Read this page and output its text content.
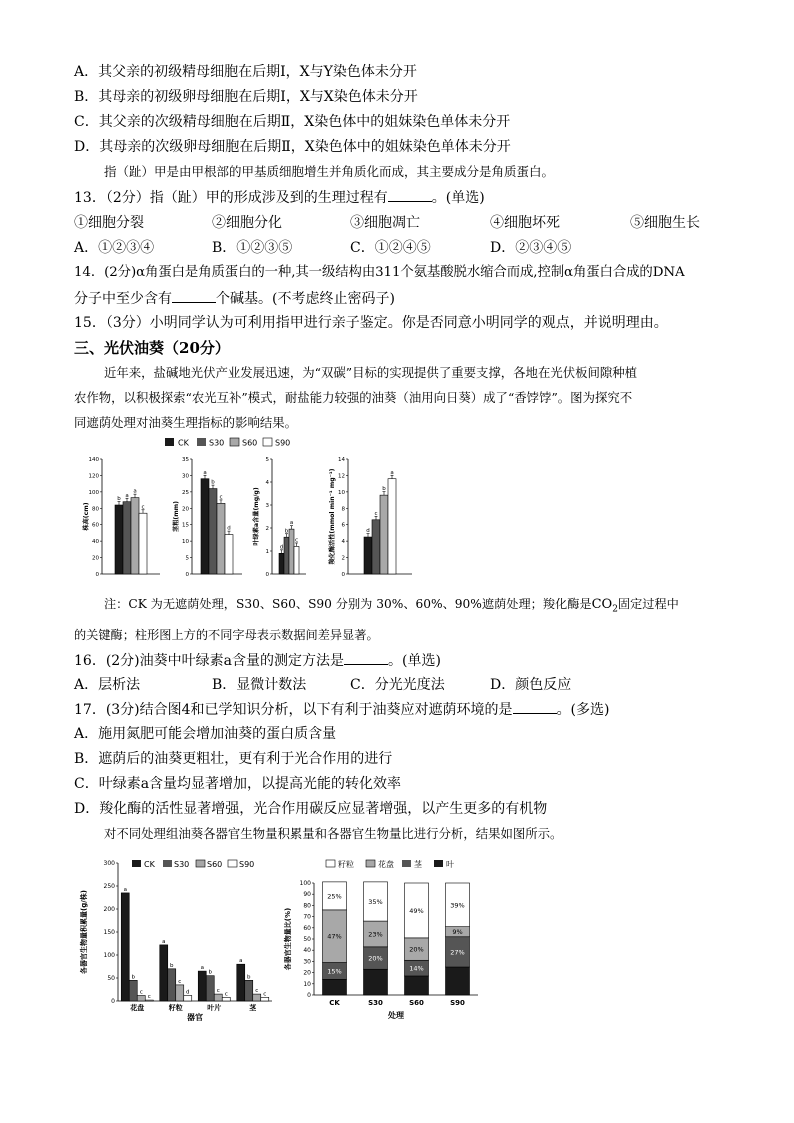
A．其父亲的初级精母细胞在后期Ⅰ，X与Y染色体未分开
B．其母亲的初级卵母细胞在后期Ⅰ，X与X染色体未分开
C．其父亲的次级精母细胞在后期Ⅱ，X染色体中的姐妹染色单体未分开
D．其母亲的次级卵母细胞在后期Ⅱ，X染色体中的姐妹染色单体未分开
指（趾）甲是由甲根部的甲基质细胞增生并角质化而成，其主要成分是角质蛋白。
13．（2分）指（趾）甲的形成涉及到的生理过程有	。(单选)
①细胞分裂	②细胞分化	③细胞凋亡	④细胞坏死	⑤细胞生长
A．①②③④	B．①②③⑤	C．①②④⑤	D．②③④⑤
14．(2分)α角蛋白是角质蛋白的一种,其一级结构由311个氨基酸脱水缩合而成,控制α角蛋白合成的DNA
分子中至少含有	个碱基。(不考虑终止密码子)
15．（3分）小明同学认为可利用指甲进行亲子鉴定。你是否同意小明同学的观点，并说明理由。
三、光伏油葵（20分）
近年来，盐碱地光伏产业发展迅速，为“双碳”目标的实现提供了重要支撑，各地在光伏板间隙种植
农作物，以积极探索“农光互补”模式，耐盐能力较强的油葵（油用向日葵）成了“香饽饽”。图为探究不
同遮荫处理对油葵生理指标的影响结果。
CK	S30 S60 S90
0
20
40
60
80
100
120
140
株高(cm)
b
a
a
c
0
5
10
15
20
25
30
35
茎粗(mm)
a
b
c
d
0
1
2
3
4
5
叶绿素a含量(mg/g)
d
b
a
c
0
2
4
6
8
10
12
14
羧化酶活性(mmol min⁻¹ mg⁻¹)	d
c
b
a
注：CK 为无遮荫处理，S30、S60、S90 分别为 30%、60%、90%遮荫处理；羧化酶是$CO_2$固定过程中
的关键酶；柱形图上方的不同字母表示数据间差异显著。
16．(2分)油葵中叶绿素a含量的测定方法是	。(单选)
A．层析法	B．显微计数法	C．分光光度法	D．颜色反应
17．(3分)结合图4和已学知识分析，以下有利于油葵应对遮荫环境的是	。(多选)
A．施用氮肥可能会增加油葵的蛋白质含量
B．遮荫后的油葵更粗壮，更有利于光合作用的进行
C．叶绿素a含量均显著增加，以提高光能的转化效率
D．羧化酶的活性显著增强，光合作用碳反应显著增强，以产生更多的有机物
对不同处理组油葵各器官生物量积累量和各器官生物量比进行分析，结果如图所示。
CK S30 S60 S90
0
50
100
150
200
250
300
各器官生物量积累量(g/株)
a
b
c
c
花盘
a
b
c
d
籽粒
a
b
c
c
叶片
a
b
c
c
茎
器官
籽粒	花盘	茎	叶
0
10
20
30
40
50
60
70
80
90
100
各器官生物量比(%)
15%
47%
25%
CK
20%
23%
35%
S30
14%
20%
49%
S60
27%
9%
39%
S90
处理
